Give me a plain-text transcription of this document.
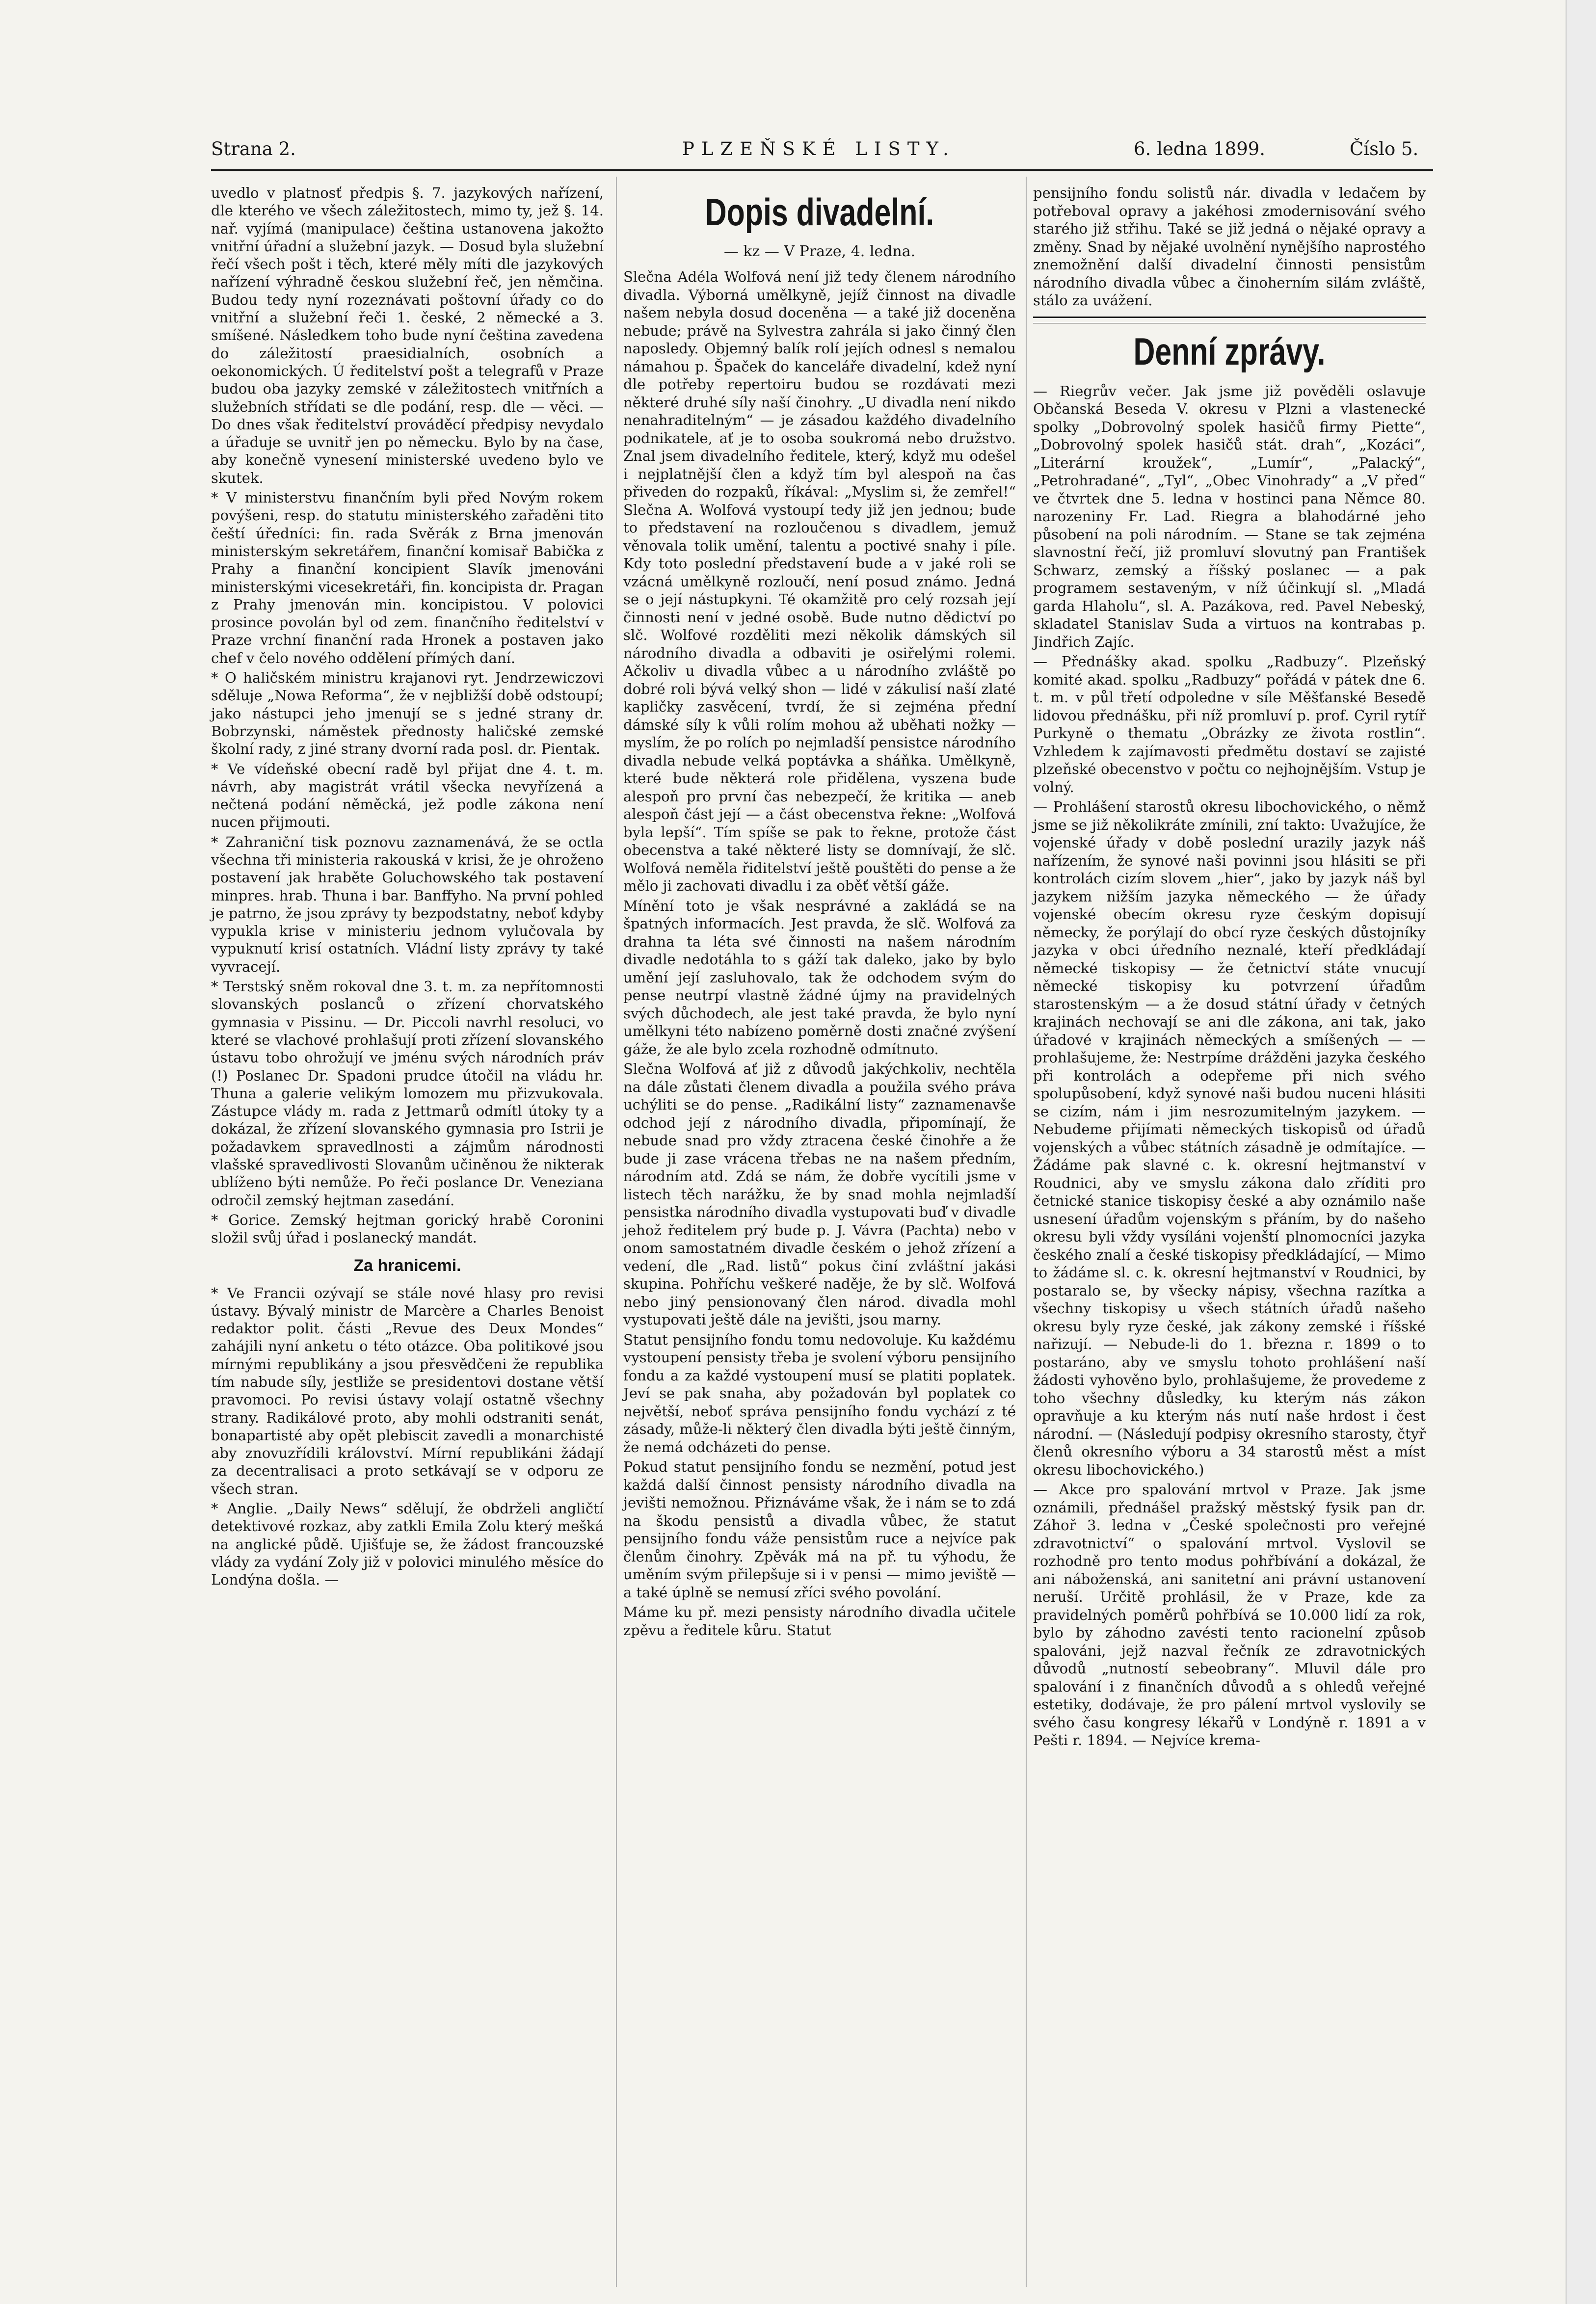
Strana 2.	PLZEŇSKÉ LISTY.	6. ledna 1899.	Číslo 5.

uvedlo v platnosť předpis §. 7. jazykových nařízení, dle kterého ve všech záležitostech, mimo ty, jež §. 14. nař. vyjímá (manipulace) čeština ustanovena jakožto vnitřní úřadní a služební jazyk. — Dosud byla služební řečí všech pošt i těch, které měly míti dle jazykových nařízení výhradně českou služební řeč, jen němčina. Budou tedy nyní rozeznávati poštovní úřady co do vnitřní a služební řeči 1. české, 2 německé a 3. smíšené. Následkem toho bude nyní čeština zavedena do záležitostí praesidialních, osobních a oekonomických. Ú ředitelství pošt a telegrafů v Praze budou oba jazyky zemské v záležitostech vnitřních a služebních střídati se dle podání, resp. dle — věci. — Do dnes však ředitelství prováděcí předpisy nevydalo a úřaduje se uvnitř jen po německu. Bylo by na čase, aby konečně vynesení ministerské uvedeno bylo ve skutek.

* V ministerstvu finančním byli před Novým rokem povýšeni, resp. do statutu ministerského zařaděni tito čeští úředníci: fin. rada Svěrák z Brna jmenován ministerským sekretářem, finanční komisař Babička z Prahy a finanční koncipient Slavík jmenováni ministerskými vicesekretáři, fin. koncipista dr. Pragan z Prahy jmenován min. koncipistou. V polovici prosince povolán byl od zem. finančního ředitelství v Praze vrchní finanční rada Hronek a postaven jako chef v čelo nového oddělení přímých daní.

* O haličském ministru krajanovi ryt. Jendrzewiczovi sděluje „Nowa Reforma“, že v nejbližší době odstoupí; jako nástupci jeho jmenují se s jedné strany dr. Bobrzynski, náměstek přednosty haličské zemské školní rady, z jiné strany dvorní rada posl. dr. Pientak.

* Ve vídeňské obecní radě byl přijat dne 4. t. m. návrh, aby magistrát vrátil všecka nevyřízená a nečtená podání něměcká, jež podle zákona není nucen přijmouti.

* Zahraniční tisk poznovu zaznamenává, že se octla všechna tři ministeria rakouská v krisi, že je ohroženo postavení jak hraběte Goluchowského tak postavení minpres. hrab. Thuna i bar. Banffyho. Na první pohled je patrno, že jsou zprávy ty bezpodstatny, neboť kdyby vypukla krise v ministeriu jednom vylučovala by vypuknutí krisí ostatních. Vládní listy zprávy ty také vyvracejí.

* Terstský sněm rokoval dne 3. t. m. za nepřítomnosti slovanských poslanců o zřízení chorvatského gymnasia v Pissinu. — Dr. Piccoli navrhl resoluci, vo které se vlachové prohlašují proti zřízení slovanského ústavu tobo ohrožují ve jménu svých národních práv (!) Poslanec Dr. Spadoni prudce útočil na vládu hr. Thuna a galerie velikým lomozem mu přizvukovala. Zástupce vlády m. rada z Jettmarů odmítl útoky ty a dokázal, že zřízení slovanského gymnasia pro Istrii je požadavkem spravedlnosti a zájmům národnosti vlašské spravedlivosti Slovanům učiněnou že nikterak ublíženo býti nemůže. Po řeči poslance Dr. Veneziana odročil zemský hejtman zasedání.

* Gorice. Zemský hejtman gorický hrabě Coronini složil svůj úřad i poslanecký mandát.

Za hranicemi.

* Ve Francii ozývají se stále nové hlasy pro revisi ústavy. Bývalý ministr de Marcère a Charles Benoist redaktor polit. části „Revue des Deux Mondes“ zahájili nyní anketu o této otázce. Oba politikové jsou mírnými republikány a jsou přesvědčeni že republika tím nabude síly, jestliže se presidentovi dostane větší pravomoci. Po revisi ústavy volají ostatně všechny strany. Radikálové proto, aby mohli odstraniti senát, bonapartisté aby opět plebiscit zavedli a monarchisté aby znovuzřídili království. Mírní republikáni žádají za decentralisaci a proto setkávají se v odporu ze všech stran.

* Anglie. „Daily News“ sdělují, že obdrželi angličtí detektivové rozkaz, aby zatkli Emila Zolu který mešká na anglické půdě. Ujišťuje se, že žádost francouzské vlády za vydání Zoly již v polovici minulého měsíce do Londýna došla. —

Dopis divadelní.
— kz — V Praze, 4. ledna.

Slečna Adéla Wolfová není již tedy členem národního divadla. Výborná umělkyně, jejíž činnost na divadle našem nebyla dosud doceněna — a také již doceněna nebude; právě na Sylvestra zahrála si jako činný člen naposledy. Objemný balík rolí jejích odnesl s nemalou námahou p. Špaček do kanceláře divadelní, kdež nyní dle potřeby repertoiru budou se rozdávati mezi některé druhé síly naší činohry. „U divadla není nikdo nenahraditelným“ — je zásadou každého divadelního podnikatele, ať je to osoba soukromá nebo družstvo. Znal jsem divadelního ředitele, který, když mu odešel i nejplatnější člen a když tím byl alespoň na čas přiveden do rozpaků, říkával: „Myslim si, že zemřel!“ Slečna A. Wolfová vystoupí tedy již jen jednou; bude to představení na rozloučenou s divadlem, jemuž věnovala tolik umění, talentu a poctivé snahy i píle. Kdy toto poslední představení bude a v jaké roli se vzácná umělkyně rozloučí, není posud známo. Jedná se o její nástupkyni. Té okamžitě pro celý rozsah její činnosti není v jedné osobě. Bude nutno dědictví po slč. Wolfové rozděliti mezi několik dámských sil národního divadla a odbaviti je osiřelými rolemi. Ačkoliv u divadla vůbec a u národního zvláště po dobré roli bývá velký shon — lidé v zákulisí naší zlaté kapličky zasvěcení, tvrdí, že si zejména přední dámské síly k vůli rolím mohou až uběhati nožky — myslím, že po rolích po nejmladší pensistce národního divadla nebude velká poptávka a sháňka. Umělkyně, které bude některá role přidělena, vyszena bude alespoň pro první čas nebezpečí, že kritika — aneb alespoň část její — a část obecenstva řekne: „Wolfová byla lepší“. Tím spíše se pak to řekne, protože část obecenstva a také některé listy se domnívají, že slč. Wolfová neměla řiditelství ještě pouštěti do pense a že mělo ji zachovati divadlu i za oběť větší gáže.

Mínění toto je však nesprávné a zakládá se na špatných informacích. Jest pravda, že slč. Wolfová za drahna ta léta své činnosti na našem národním divadle nedotáhla to s gáží tak daleko, jako by bylo umění její zasluhovalo, tak že odchodem svým do pense neutrpí vlastně žádné újmy na pravidelných svých důchodech, ale jest také pravda, že bylo nyní umělkyni této nabízeno poměrně dosti značné zvýšení gáže, že ale bylo zcela rozhodně odmítnuto.

Slečna Wolfová ať již z důvodů jakýchkoliv, nechtěla na dále zůstati členem divadla a použila svého práva uchýliti se do pense. „Radikální listy“ zaznamenavše odchod její z národního divadla, připomínají, že nebude snad pro vždy ztracena české činohře a že bude ji zase vrácena třebas ne na našem předním, národním atd. Zdá se nám, že dobře vycítili jsme v listech těch narážku, že by snad mohla nejmladší pensistka národního divadla vystupovati buď v divadle jehož ředitelem prý bude p. J. Vávra (Pachta) nebo v onom samostatném divadle českém o jehož zřízení a vedení, dle „Rad. listů“ pokus činí zvláštní jakási skupina. Pohříchu veškeré naděje, že by slč. Wolfová nebo jiný pensionovaný člen národ. divadla mohl vystupovati ještě dále na jevišti, jsou marny.

Statut pensijního fondu tomu nedovoluje. Ku každému vystoupení pensisty třeba je svolení výboru pensijního fondu a za každé vystoupení musí se platiti poplatek. Jeví se pak snaha, aby požadován byl poplatek co největší, neboť správa pensijního fondu vychází z té zásady, může-li některý člen divadla býti ještě činným, že nemá odcházeti do pense.

Pokud statut pensijního fondu se nezmění, potud jest každá další činnost pensisty národního divadla na jevišti nemožnou. Přiznáváme však, že i nám se to zdá na škodu pensistů a divadla vůbec, že statut pensijního fondu váže pensistům ruce a nejvíce pak členům činohry. Zpěvák má na př. tu výhodu, že uměním svým přilepšuje si i v pensi — mimo jeviště — a také úplně se nemusí zříci svého povolání.

Máme ku př. mezi pensisty národního divadla učitele zpěvu a ředitele kůru. Statut

pensijního fondu solistů nár. divadla v ledačem by potřeboval opravy a jakéhosi zmodernisování svého starého již střihu. Také se již jedná o nějaké opravy a změny. Snad by nějaké uvolnění nynějšího naprostého znemožnění další divadelní činnosti pensistům národního divadla vůbec a činoherním silám zvláště, stálo za uvážení.

Denní zprávy.

— Riegrův večer. Jak jsme již pověděli oslavuje Občanská Beseda V. okresu v Plzni a vlastenecké spolky „Dobrovolný spolek hasičů firmy Piette“, „Dobrovolný spolek hasičů stát. drah“, „Kozáci“, „Literární kroužek“, „Lumír“, „Palacký“, „Petrohradané“, „Tyl“, „Obec Vinohrady“ a „V před“ ve čtvrtek dne 5. ledna v hostinci pana Němce 80. narozeniny Fr. Lad. Riegra a blahodárné jeho působení na poli národním. — Stane se tak zejména slavnostní řečí, již promluví slovutný pan František Schwarz, zemský a říšský poslanec — a pak programem sestaveným, v níž účinkují sl. „Mladá garda Hlaholu“, sl. A. Pazákova, red. Pavel Nebeský, skladatel Stanislav Suda a virtuos na kontrabas p. Jindřich Zajíc.

— Přednášky akad. spolku „Radbuzy“. Plzeňský komité akad. spolku „Radbuzy“ pořádá v pátek dne 6. t. m. v půl třetí odpoledne v síle Měšťanské Besedě lidovou přednášku, při níž promluví p. prof. Cyril rytíř Purkyně o thematu „Obrázky ze života rostlin“. Vzhledem k zajímavosti předmětu dostaví se zajisté plzeňské obecenstvo v počtu co nejhojnějším. Vstup je volný.

— Prohlášení starostů okresu libochovického, o němž jsme se již několikráte zmínili, zní takto: Uvažujíce, že vojenské úřady v době poslední urazily jazyk náš nařízením, že synové naši povinni jsou hlásiti se při kontrolách cizím slovem „hier“, jako by jazyk náš byl jazykem nižším jazyka německého — že úřady vojenské obecím okresu ryze českým dopisují německy, že porýlají do obcí ryze českých důstojníky jazyka v obci úředního neznalé, kteří předkládají německé tiskopisy — že četnictví státe vnucují německé tiskopisy ku potvrzení úřadům starostenským — a že dosud státní úřady v četných krajinách nechovají se ani dle zákona, ani tak, jako úřadové v krajinách německých a smíšených — — prohlašujeme, že: Nestrpíme drážděni jazyka českého při kontrolách a odepřeme při nich svého spolupůsobení, když synové naši budou nuceni hlásiti se cizím, nám i jim nesrozumitelným jazykem. — Nebudeme přijímati německých tiskopisů od úřadů vojenských a vůbec státních zásadně je odmítajíce. — Žádáme pak slavné c. k. okresní hejtmanství v Roudnici, aby ve smyslu zákona dalo zříditi pro četnické stanice tiskopisy české a aby oznámilo naše usnesení úřadům vojenským s přáním, by do našeho okresu byli vždy vysíláni vojenští plnomocníci jazyka českého znalí a české tiskopisy předkládající, — Mimo to žádáme sl. c. k. okresní hejtmanství v Roudnici, by postaralo se, by všecky nápisy, všechna razítka a všechny tiskopisy u všech státních úřadů našeho okresu byly ryze české, jak zákony zemské i říšské nařizují. — Nebude-li do 1. března r. 1899 o to postaráno, aby ve smyslu tohoto prohlášení naší žádosti vyhověno bylo, prohlašujeme, že provedeme z toho všechny důsledky, ku kterým nás zákon opravňuje a ku kterým nás nutí naše hrdost i čest národní. — (Následují podpisy okresního starosty, čtyř členů okresního výboru a 34 starostů měst a míst okresu libochovického.)

— Akce pro spalování mrtvol v Praze. Jak jsme oznámili, přednášel pražský městský fysik pan dr. Záhoř 3. ledna v „České společnosti pro veřejné zdravotnictví“ o spalování mrtvol. Vyslovil se rozhodně pro tento modus pohřbívání a dokázal, že ani náboženská, ani sanitetní ani právní ustanovení neruší. Určitě prohlásil, že v Praze, kde za pravidelných poměrů pohřbívá se 10.000 lidí za rok, bylo by záhodno zavésti tento racionelní způsob spalováni, jejž nazval řečník ze zdravotnických důvodů „nutností sebeobrany“. Mluvil dále pro spalování i z finančních důvodů a s ohledů veřejné estetiky, dodávaje, že pro pálení mrtvol vyslovily se svého času kongresy lékařů v Londýně r. 1891 a v Pešti r. 1894. — Nejvíce krema-
